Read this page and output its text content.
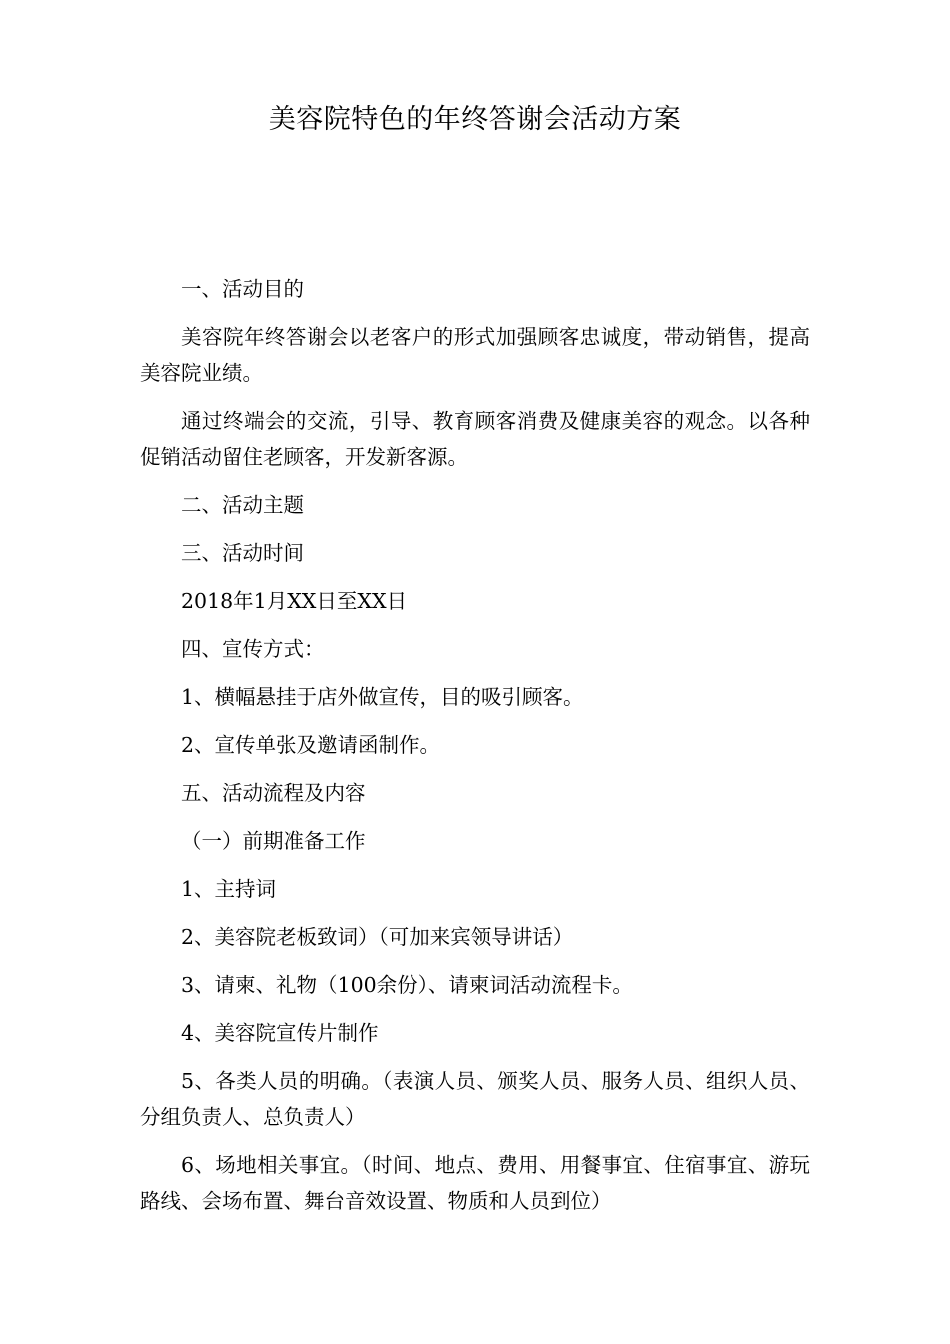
美容院特色的年终答谢会活动方案

一、活动目的

美容院年终答谢会以老客户的形式加强顾客忠诚度，带动销售，提高美容院业绩。

通过终端会的交流，引导、教育顾客消费及健康美容的观念。以各种促销活动留住老顾客，开发新客源。

二、活动主题

三、活动时间

2018年1月XX日至XX日

四、宣传方式：

1、横幅悬挂于店外做宣传，目的吸引顾客。

2、宣传单张及邀请函制作。

五、活动流程及内容

（一）前期准备工作

1、主持词

2、美容院老板致词）（可加来宾领导讲话）

3、请柬、礼物（100余份）、请柬词活动流程卡。

4、美容院宣传片制作

5、各类人员的明确。（表演人员、颁奖人员、服务人员、组织人员、分组负责人、总负责人）

6、场地相关事宜。（时间、地点、费用、用餐事宜、住宿事宜、游玩路线、会场布置、舞台音效设置、物质和人员到位）
